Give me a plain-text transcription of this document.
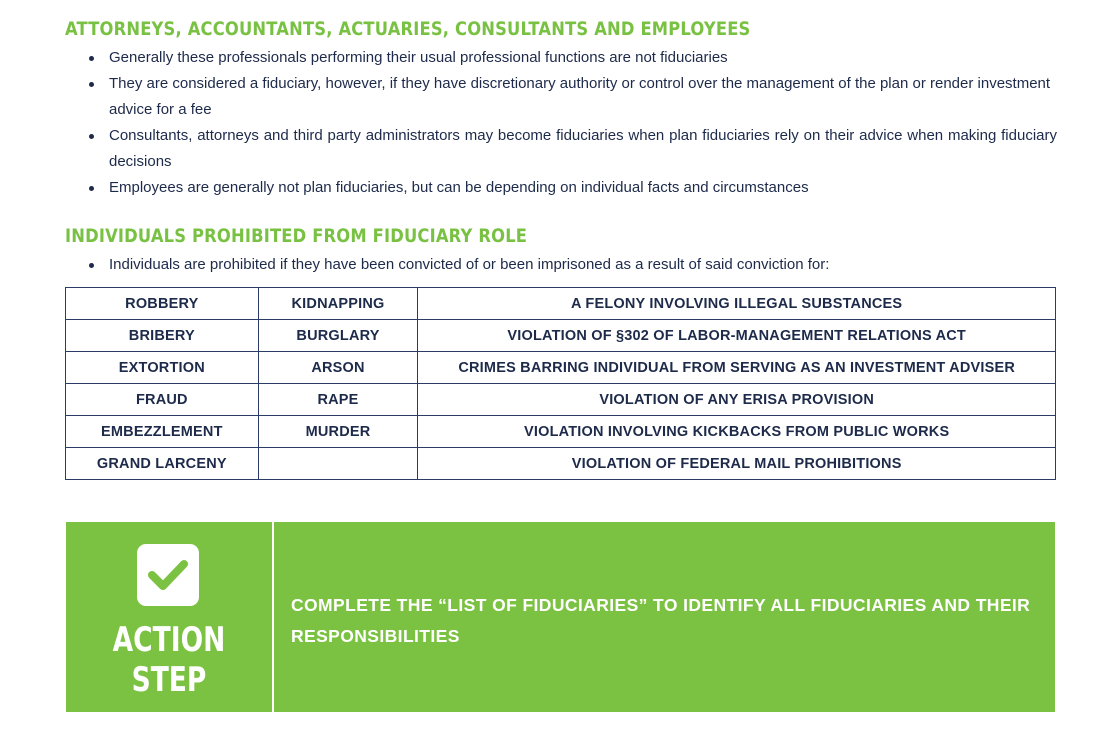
ATTORNEYS, ACCOUNTANTS, ACTUARIES, CONSULTANTS AND EMPLOYEES
Generally these professionals performing their usual professional functions are not fiduciaries
They are considered a fiduciary, however, if they have discretionary authority or control over the management of the plan or render investment advice for a fee
Consultants, attorneys and third party administrators may become fiduciaries when plan fiduciaries rely on their advice when making fiduciary decisions
Employees are generally not plan fiduciaries, but can be depending on individual facts and circumstances
INDIVIDUALS PROHIBITED FROM FIDUCIARY ROLE
Individuals are prohibited if they have been convicted of or been imprisoned as a result of said conviction for:
ROBBERY	KIDNAPPING	A FELONY INVOLVING ILLEGAL SUBSTANCES
BRIBERY	BURGLARY	VIOLATION OF §302 OF LABOR-MANAGEMENT RELATIONS ACT
EXTORTION	ARSON	CRIMES BARRING INDIVIDUAL FROM SERVING AS AN INVESTMENT ADVISER
FRAUD	RAPE	VIOLATION OF ANY ERISA PROVISION
EMBEZZLEMENT	MURDER	VIOLATION INVOLVING KICKBACKS FROM PUBLIC WORKS
GRAND LARCENY		VIOLATION OF FEDERAL MAIL PROHIBITIONS
ACTION
STEP
COMPLETE THE “LIST OF FIDUCIARIES” TO IDENTIFY ALL FIDUCIARIES AND THEIR RESPONSIBILITIES
